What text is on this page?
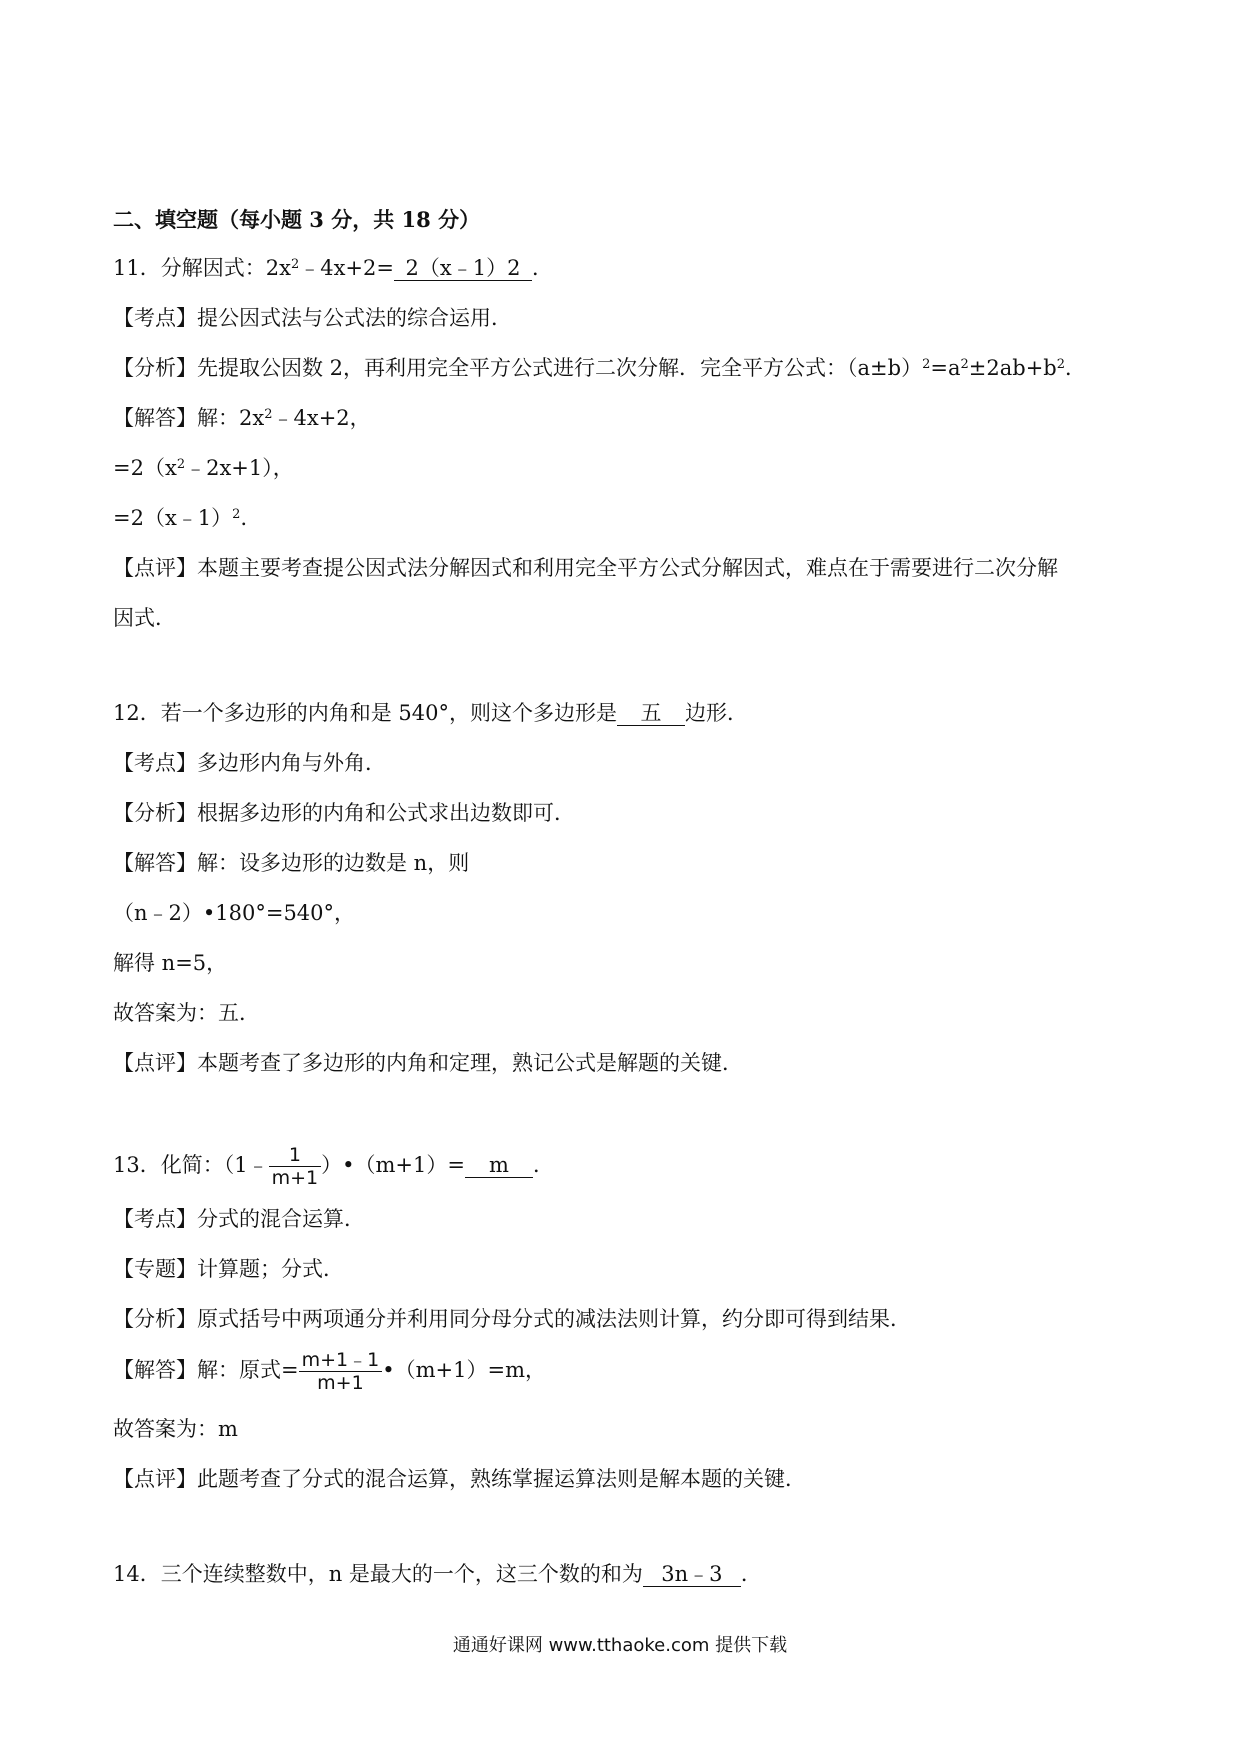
二、填空题（每小题 3 分，共 18 分）
11．分解因式：$2x^2﹣4x+2=$ 2（x﹣1）2 ．
【考点】提公因式法与公式法的综合运用．
【分析】先提取公因数 2，再利用完全平方公式进行二次分解．完全平方公式：$(a\pm b)^2=a^2\pm 2ab+b^2$．
【解答】解：$2x^2﹣4x+2$，
$=2(x^2﹣2x+1)$，
=2（x﹣1）$^2$．
【点评】本题主要考查提公因式法分解因式和利用完全平方公式分解因式，难点在于需要进行二次分解
因式．
12．若一个多边形的内角和是 540°，则这个多边形是 五 边形．
【考点】多边形内角与外角．
【分析】根据多边形的内角和公式求出边数即可．
【解答】解：设多边形的边数是 n，则
（n﹣2）•180°=540°，
解得 n=5，
故答案为：五．
【点评】本题考查了多边形的内角和定理，熟记公式是解题的关键．
13．化简：（1﹣ $\frac{1}{m+1}$ ）•（m+1）= m ．
【考点】分式的混合运算．
【专题】计算题；分式．
【分析】原式括号中两项通分并利用同分母分式的减法法则计算，约分即可得到结果．
【解答】解：原式= $\frac{m+1﹣1}{m+1}$ •（m+1）=m，
故答案为：m
【点评】此题考查了分式的混合运算，熟练掌握运算法则是解本题的关键．
14．三个连续整数中，n 是最大的一个，这三个数的和为 3n﹣3 ．
通通好课网 www.tthaoke.com 提供下载
